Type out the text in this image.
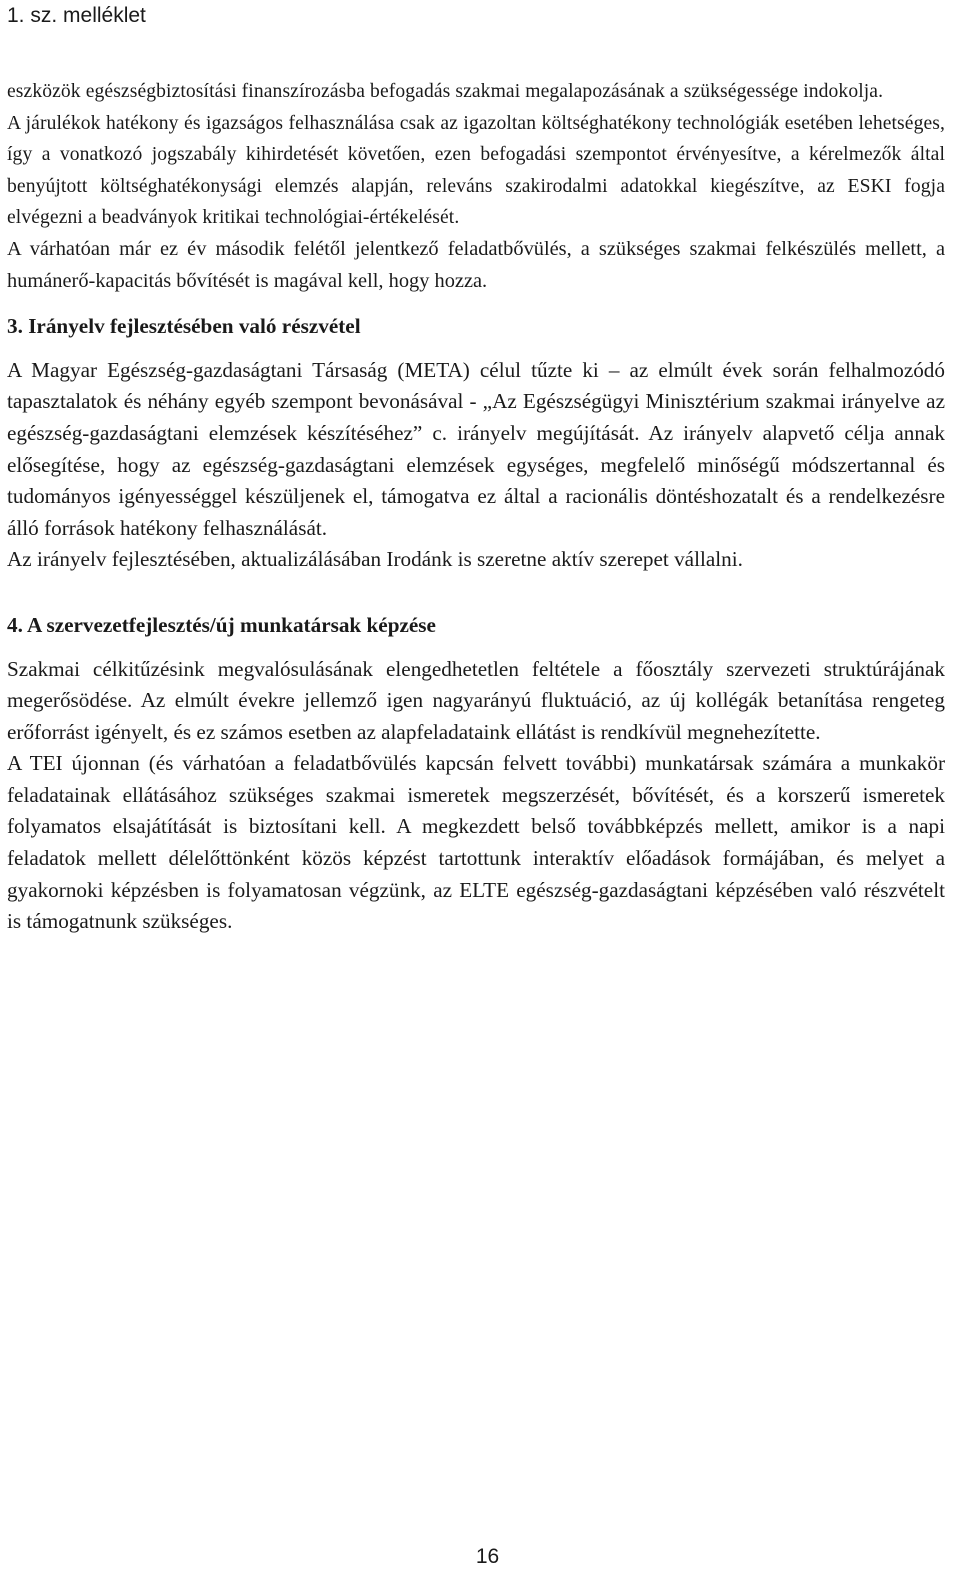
1. sz. melléklet

eszközök egészségbiztosítási finanszírozásba befogadás szakmai megalapozásának a szükségessége indokolja.

A járulékok hatékony és igazságos felhasználása csak az igazoltan költséghatékony technológiák esetében lehetséges, így a vonatkozó jogszabály kihirdetését követően, ezen befogadási szempontot érvényesítve, a kérelmezők által benyújtott költséghatékonysági elemzés alapján, releváns szakirodalmi adatokkal kiegészítve, az ESKI fogja elvégezni a beadványok kritikai technológiai-értékelését.

A várhatóan már ez év második felétől jelentkező feladatbővülés, a szükséges szakmai felkészülés mellett, a humánerő-kapacitás bővítését is magával kell, hogy hozza.

3. Irányelv fejlesztésében való részvétel

A Magyar Egészség-gazdaságtani Társaság (META) célul tűzte ki – az elmúlt évek során felhalmozódó tapasztalatok és néhány egyéb szempont bevonásával - „Az Egészségügyi Minisztérium szakmai irányelve az egészség-gazdaságtani elemzések készítéséhez” c. irányelv megújítását. Az irányelv alapvető célja annak elősegítése, hogy az egészség-gazdaságtani elemzések egységes, megfelelő minőségű módszertannal és tudományos igényességgel készüljenek el, támogatva ez által a racionális döntéshozatalt és a rendelkezésre álló források hatékony felhasználását.

Az irányelv fejlesztésében, aktualizálásában Irodánk is szeretne aktív szerepet vállalni.

4. A szervezetfejlesztés/új munkatársak képzése

Szakmai célkitűzésink megvalósulásának elengedhetetlen feltétele a főosztály szervezeti struktúrájának megerősödése. Az elmúlt évekre jellemző igen nagyarányú fluktuáció, az új kollégák betanítása rengeteg erőforrást igényelt, és ez számos esetben az alapfeladataink ellátást is rendkívül megnehezítette.

A TEI újonnan (és várhatóan a feladatbővülés kapcsán felvett további) munkatársak számára a munkakör feladatainak ellátásához szükséges szakmai ismeretek megszerzését, bővítését, és a korszerű ismeretek folyamatos elsajátítását is biztosítani kell. A megkezdett belső továbbképzés mellett, amikor is a napi feladatok mellett délelőttönként közös képzést tartottunk interaktív előadások formájában, és melyet a gyakornoki képzésben is folyamatosan végzünk, az ELTE egészség-gazdaságtani képzésében való részvételt is támogatnunk szükséges.

16
